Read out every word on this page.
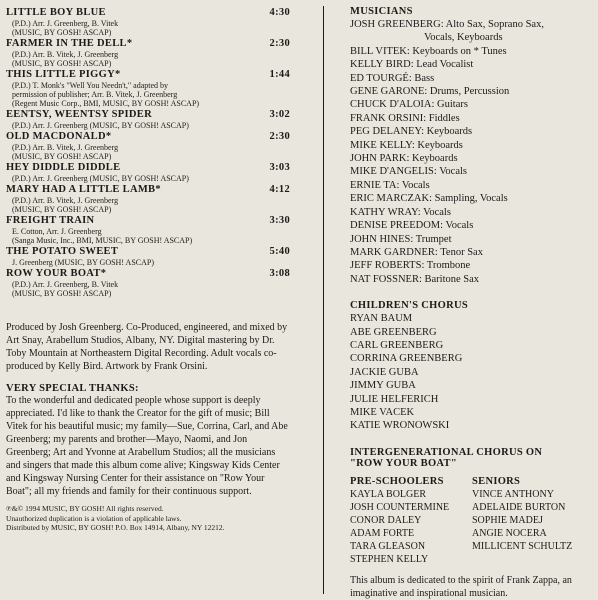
LITTLE BOY BLUE	4:30
(P.D.) Arr. J. Greenberg, B. Vitek
(MUSIC, BY GOSH! ASCAP)
FARMER IN THE DELL*	2:30
(P.D.) Arr. B. Vitek, J. Greenberg
(MUSIC, BY GOSH! ASCAP)
THIS LITTLE PIGGY*	1:44
(P.D.) T. Monk's "Well You Needn't," adapted by
permission of publisher; Arr. B. Vitek, J. Greenberg
(Regent Music Corp., BMI, MUSIC, BY GOSH! ASCAP)
EENTSY, WEENTSY SPIDER	3:02
(P.D.) Arr. J. Greenberg (MUSIC, BY GOSH! ASCAP)
OLD MACDONALD*	2:30
(P.D.) Arr. B. Vitek, J. Greenberg
(MUSIC, BY GOSH! ASCAP)
HEY DIDDLE DIDDLE	3:03
(P.D.) Arr. J. Greenberg (MUSIC, BY GOSH! ASCAP)
MARY HAD A LITTLE LAMB*	4:12
(P.D.) Arr. B. Vitek, J. Greenberg
(MUSIC, BY GOSH! ASCAP)
FREIGHT TRAIN	3:30
E. Cotton, Arr. J. Greenberg
(Sanga Music, Inc., BMI, MUSIC, BY GOSH! ASCAP)
THE POTATO SWEET	5:40
J. Greenberg (MUSIC, BY GOSH! ASCAP)
ROW YOUR BOAT*	3:08
(P.D.) Arr. J. Greenberg, B. Vitek
(MUSIC, BY GOSH! ASCAP)
Produced by Josh Greenberg. Co-Produced, engineered, and mixed by Art Snay, Arabellum Studios, Albany, NY. Digital mastering by Dr. Toby Mountain at Northeastern Digital Recording. Adult vocals co-produced by Kelly Bird. Artwork by Frank Orsini.
VERY SPECIAL THANKS:
To the wonderful and dedicated people whose support is deeply appreciated. I'd like to thank the Creator for the gift of music; Bill Vitek for his beautiful music; my family—Sue, Corrina, Carl, and Abe Greenberg; my parents and brother—Mayo, Naomi, and Jon Greenberg; Art and Yvonne at Arabellum Studios; all the musicians and singers that made this album come alive; Kingsway Kids Center and Kingsway Nursing Center for their assistance on "Row Your Boat"; all my friends and family for their continuous support.
℗&© 1994 MUSIC, BY GOSH! All rights reserved.
Unauthorized duplication is a violation of applicable laws.
Distributed by MUSIC, BY GOSH! P.O. Box 14914, Albany, NY 12212.
MUSICIANS
JOSH GREENBERG: Alto Sax, Soprano Sax,
Vocals, Keyboards
BILL VITEK: Keyboards on * Tunes
KELLY BIRD: Lead Vocalist
ED TOURGÉ: Bass
GENE GARONE: Drums, Percussion
CHUCK D'ALOIA: Guitars
FRANK ORSINI: Fiddles
PEG DELANEY: Keyboards
MIKE KELLY: Keyboards
JOHN PARK: Keyboards
MIKE D'ANGELIS: Vocals
ERNIE TA: Vocals
ERIC MARCZAK: Sampling, Vocals
KATHY WRAY: Vocals
DENISE PREEDOM: Vocals
JOHN HINES: Trumpet
MARK GARDNER: Tenor Sax
JEFF ROBERTS: Trombone
NAT FOSSNER: Baritone Sax
CHILDREN'S CHORUS
RYAN BAUM
ABE GREENBERG
CARL GREENBERG
CORRINA GREENBERG
JACKIE GUBA
JIMMY GUBA
JULIE HELFERICH
MIKE VACEK
KATIE WRONOWSKI
INTERGENERATIONAL CHORUS ON
"ROW YOUR BOAT"
PRE-SCHOOLERS
KAYLA BOLGER
JOSH COUNTERMINE
CONOR DALEY
ADAM FORTE
TARA GLEASON
STEPHEN KELLY
SENIORS
VINCE ANTHONY
ADELAIDE BURTON
SOPHIE MADEJ
ANGIE NOCERA
MILLICENT SCHULTZ
This album is dedicated to the spirit of Frank Zappa, an imaginative and inspirational musician.
